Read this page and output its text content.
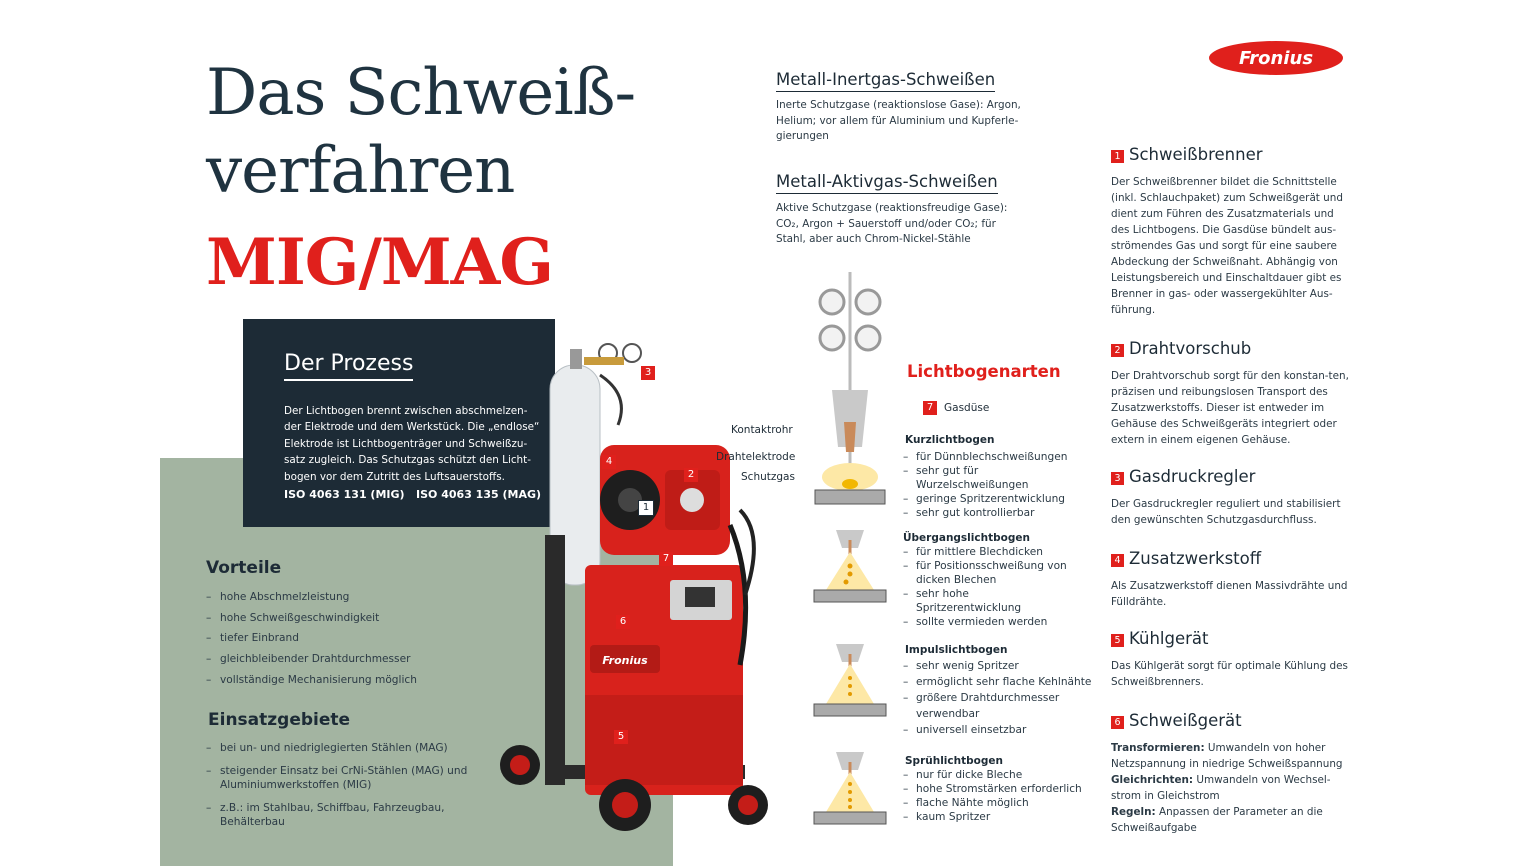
Fronius
Das Schweiß-
verfahren
MIG/MAG
Der Prozess
Der Lichtbogen brennt zwischen abschmelzen-der Elektrode und dem Werkstück. Die „endlose“ Elektrode ist Lichtbogenträger und Schweißzu-satz zugleich. Das Schutzgas schützt den Licht-bogen vor dem Zutritt des Luftsauerstoffs.
ISO 4063 131 (MIG)   ISO 4063 135 (MAG)
Vorteile
– hohe Abschmelzleistung
– hohe Schweißgeschwindigkeit
– tiefer Einbrand
– gleichbleibender Drahtdurchmesser
– vollständige Mechanisierung möglich
Einsatzgebiete
– bei un- und niedriglegierten Stählen (MAG)
– steigender Einsatz bei CrNi-Stählen (MAG) und Aluminiumwerkstoffen (MIG)
– z.B.: im Stahlbau, Schiffbau, Fahrzeugbau, Behälterbau
Fronius
3
4
2
1
7
6
5
Metall-Inertgas-Schweißen
Inerte Schutzgase (reaktionslose Gase): Argon, Helium; vor allem für Aluminium und Kupferle-gierungen
Metall-Aktivgas-Schweißen
Aktive Schutzgase (reaktionsfreudige Gase):
CO₂, Argon + Sauerstoff und/oder CO₂; für
Stahl, aber auch Chrom-Nickel-Stähle
Kontaktrohr
Drahtelektrode
Schutzgas
7	Gasdüse
Lichtbogenarten
Kurzlichtbogen
– für Dünnblechschweißungen
– sehr gut für Wurzelschweißungen
– geringe Spritzerentwicklung
– sehr gut kontrollierbar
Übergangslichtbogen
– für mittlere Blechdicken
– für Positionsschweißung von dicken Blechen
– sehr hohe Spritzerentwicklung
– sollte vermieden werden
Impulslichtbogen
– sehr wenig Spritzer
– ermöglicht sehr flache Kehlnähte
– größere Drahtdurchmesser verwendbar
– universell einsetzbar
Sprühlichtbogen
– nur für dicke Bleche
– hohe Stromstärken erforderlich
– flache Nähte möglich
– kaum Spritzer
1 Schweißbrenner
Der Schweißbrenner bildet die Schnittstelle (inkl. Schlauchpaket) zum Schweißgerät und dient zum Führen des Zusatzmaterials und des Lichtbogens. Die Gasdüse bündelt aus-strömendes Gas und sorgt für eine saubere Abdeckung der Schweißnaht. Abhängig von Leistungsbereich und Einschaltdauer gibt es Brenner in gas- oder wassergekühlter Aus-führung.
2 Drahtvorschub
Der Drahtvorschub sorgt für den konstan-ten, präzisen und reibungslosen Transport des Zusatzwerkstoffs. Dieser ist entweder im Gehäuse des Schweißgeräts integriert oder extern in einem eigenen Gehäuse.
3 Gasdruckregler
Der Gasdruckregler reguliert und stabilisiert den gewünschten Schutzgasdurchfluss.
4 Zusatzwerkstoff
Als Zusatzwerkstoff dienen Massivdrähte und Fülldrähte.
5 Kühlgerät
Das Kühlgerät sorgt für optimale Kühlung des Schweißbrenners.
6 Schweißgerät
Transformieren: Umwandeln von hoher Netzspannung in niedrige Schweißspannung
Gleichrichten: Umwandeln von Wechsel-strom in Gleichstrom
Regeln: Anpassen der Parameter an die Schweißaufgabe
